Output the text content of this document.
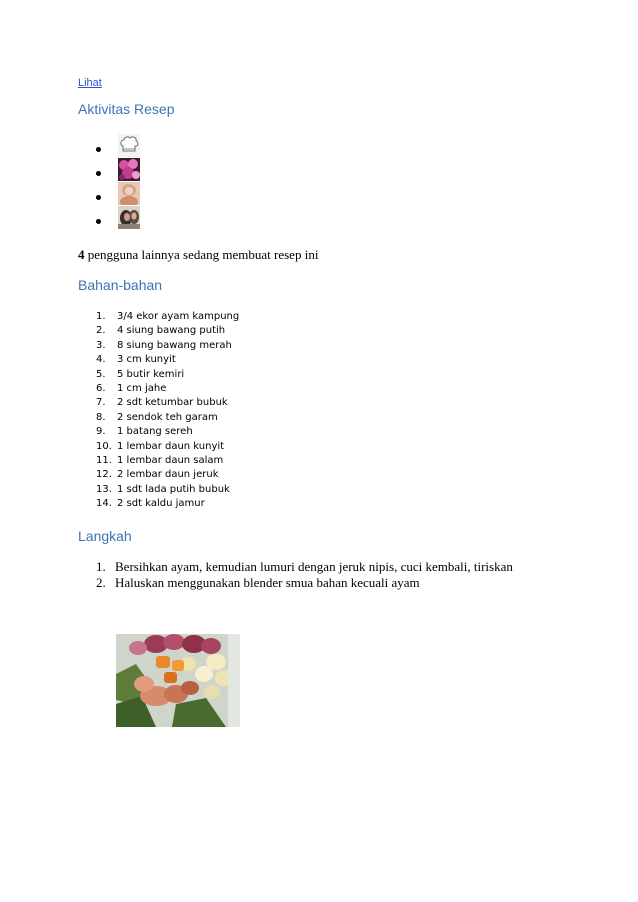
Lihat
Aktivitas Resep

4 pengguna lainnya sedang membuat resep ini

Bahan-bahan
1. 3/4 ekor ayam kampung
2. 4 siung bawang putih
3. 8 siung bawang merah
4. 3 cm kunyit
5. 5 butir kemiri
6. 1 cm jahe
7. 2 sdt ketumbar bubuk
8. 2 sendok teh garam
9. 1 batang sereh
10. 1 lembar daun kunyit
11. 1 lembar daun salam
12. 2 lembar daun jeruk
13. 1 sdt lada putih bubuk
14. 2 sdt kaldu jamur
Langkah
1. Bersihkan ayam, kemudian lumuri dengan jeruk nipis, cuci kembali, tiriskan
2. Haluskan menggunakan blender smua bahan kecuali ayam
